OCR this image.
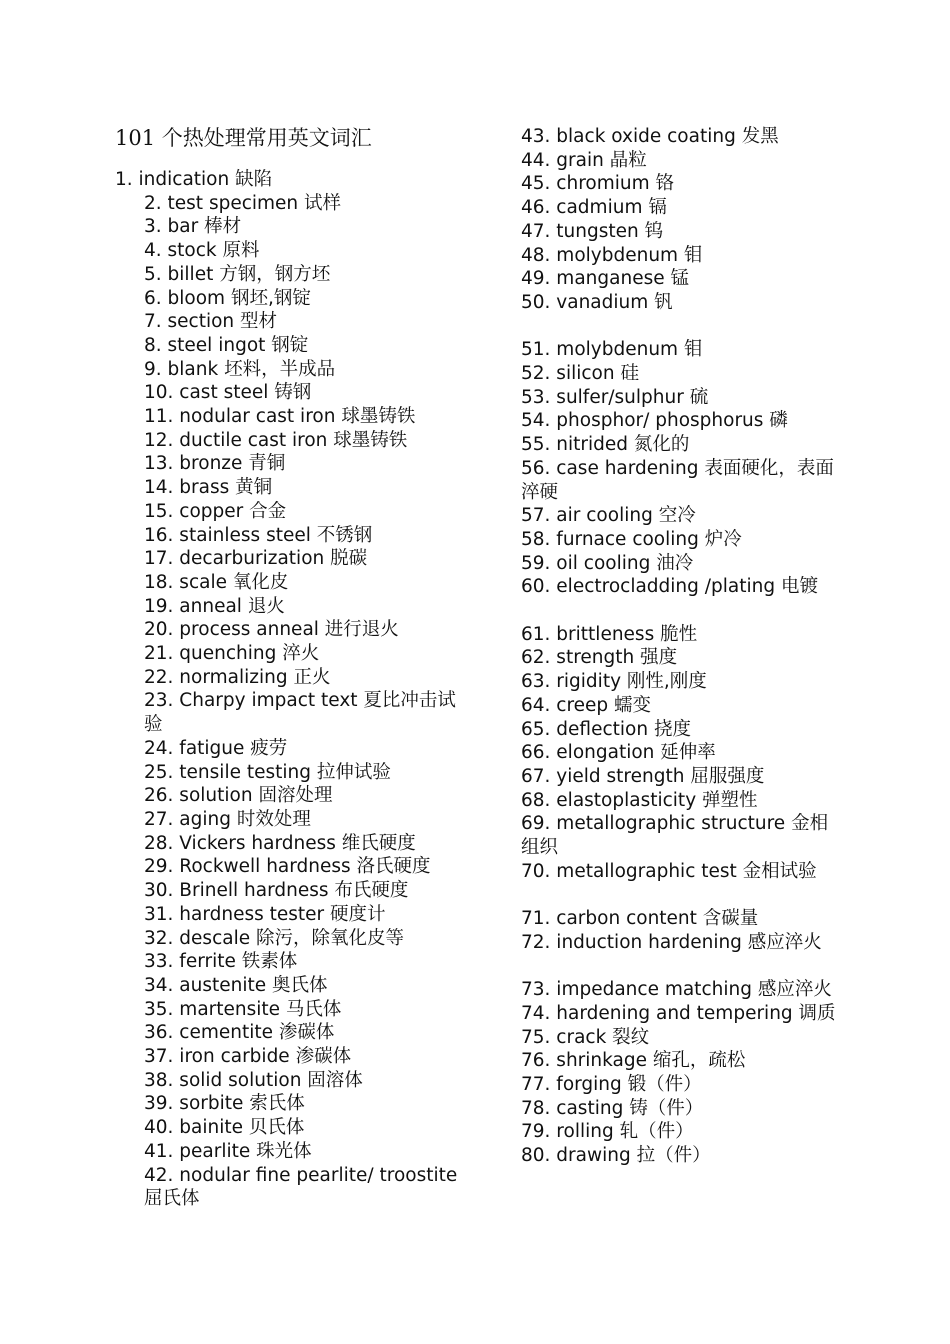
101 个热处理常用英文词汇
1. indication 缺陷
2. test specimen 试样
3. bar 棒材
4. stock 原料
5. billet 方钢，钢方坯
6. bloom 钢坯,钢锭
7. section 型材
8. steel ingot 钢锭
9. blank 坯料，半成品
10. cast steel 铸钢
11. nodular cast iron 球墨铸铁
12. ductile cast iron 球墨铸铁
13. bronze 青铜
14. brass 黄铜
15. copper 合金
16. stainless steel 不锈钢
17. decarburization 脱碳
18. scale 氧化皮
19. anneal 退火
20. process anneal 进行退火
21. quenching 淬火
22. normalizing 正火
23. Charpy impact text 夏比冲击试验
24. fatigue 疲劳
25. tensile testing 拉伸试验
26. solution 固溶处理
27. aging 时效处理
28. Vickers hardness 维氏硬度
29. Rockwell hardness 洛氏硬度
30. Brinell hardness 布氏硬度
31. hardness tester 硬度计
32. descale 除污，除氧化皮等
33. ferrite 铁素体
34. austenite 奥氏体
35. martensite 马氏体
36. cementite 渗碳体
37. iron carbide 渗碳体
38. solid solution 固溶体
39. sorbite 索氏体
40. bainite 贝氏体
41. pearlite 珠光体
42. nodular fine pearlite/ troostite 屈氏体
43. black oxide coating 发黑
44. grain 晶粒
45. chromium 铬
46. cadmium 镉
47. tungsten 钨
48. molybdenum 钼
49. manganese 锰
50. vanadium 钒
51. molybdenum 钼
52. silicon 硅
53. sulfer/sulphur 硫
54. phosphor/ phosphorus 磷
55. nitrided 氮化的
56. case hardening 表面硬化，表面淬硬
57. air cooling 空冷
58. furnace cooling 炉冷
59. oil cooling 油冷
60. electrocladding /plating 电镀
61. brittleness 脆性
62. strength 强度
63. rigidity 刚性,刚度
64. creep 蠕变
65. deflection 挠度
66. elongation 延伸率
67. yield strength 屈服强度
68. elastoplasticity 弹塑性
69. metallographic structure 金相组织
70. metallographic test 金相试验
71. carbon content 含碳量
72. induction hardening 感应淬火
73. impedance matching 感应淬火
74. hardening and tempering 调质
75. crack 裂纹
76. shrinkage 缩孔，疏松
77. forging 锻（件）
78. casting 铸（件）
79. rolling 轧（件）
80. drawing 拉（件）
